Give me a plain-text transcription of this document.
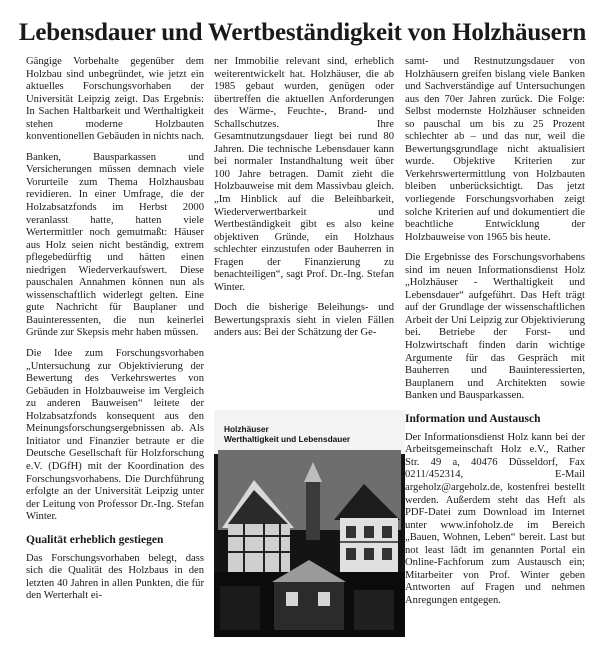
Lebensdauer und Wertbeständigkeit von Holzhäusern

Gängige Vorbehalte gegenüber dem Holzbau sind unbegründet, wie jetzt ein aktuelles Forschungsvorhaben der Universität Leipzig zeigt. Das Ergebnis: In Sachen Haltbarkeit und Werthaltigkeit stehen moderne Holzbauten konventionellen Gebäuden in nichts nach.

Banken, Bausparkassen und Versicherungen müssen demnach viele Vorurteile zum Thema Holzhausbau revidieren. In einer Umfrage, die der Holzabsatzfonds im Herbst 2000 veranlasst hatte, hatten viele Wertermittler noch gemutmaßt: Häuser aus Holz seien nicht beständig, extrem pflegebedürftig und hätten einen niedrigen Wiederverkaufswert. Diese pauschalen Annahmen können nun als wissenschaftlich widerlegt gelten. Eine gute Nachricht für Bauplaner und Bauinteressenten, die nun keinerlei Gründe zur Skepsis mehr haben müssen.

Die Idee zum Forschungsvorhaben „Untersuchung zur Objektivierung der Bewertung des Verkehrswertes von Gebäuden in Holzbauweise im Vergleich zu anderen Bauweisen“ leitete der Holzabsatzfonds konsequent aus den Meinungsforschungsergebnissen ab. Als Initiator und Finanzier betraute er die Deutsche Gesellschaft für Holzforschung e.V. (DGfH) mit der Koordination des Forschungsvorhabens. Die Durchführung erfolgte an der Universität Leipzig unter der Leitung von Professor Dr.-Ing. Stefan Winter.

Qualität erheblich gestiegen

Das Forschungsvorhaben belegt, dass sich die Qualität des Holzbaus in den letzten 40 Jahren in allen Punkten, die für den Werterhalt ei-

ner Immobilie relevant sind, erheblich weiterentwickelt hat. Holzhäuser, die ab 1985 gebaut wurden, genügen oder übertreffen die aktuellen Anforderungen des Wärme-, Feuchte-, Brand- und Schallschutzes. Ihre Gesamtnutzungsdauer liegt bei rund 80 Jahren. Die technische Lebensdauer kann bei normaler Instandhaltung weit über 100 Jahre betragen. Damit zieht die Holzbauweise mit dem Massivbau gleich. „Im Hinblick auf die Beleihbarkeit, Wiederverwertbarkeit und Wertbeständigkeit gibt es also keine objektiven Gründe, ein Holzhaus schlechter einzustufen oder Bauherren in Fragen der Finanzierung zu benachteiligen“, sagt Prof. Dr.-Ing. Stefan Winter.

Doch die bisherige Beleihungs- und Bewertungspraxis sieht in vielen Fällen anders aus: Bei der Schätzung der Ge-

Holzhäuser
Werthaltigkeit und Lebensdauer

samt- und Restnutzungsdauer von Holzhäusern greifen bislang viele Banken und Sachverständige auf Untersuchungen aus den 70er Jahren zurück. Die Folge: Selbst modernste Holzhäuser schneiden so pauschal um bis zu 25 Prozent schlechter ab – und das nur, weil die Bewertungsgrundlage nicht aktualisiert wurde. Objektive Kriterien zur Verkehrswertermittlung von Holzbauten bleiben unberücksichtigt. Das jetzt vorliegende Forschungsvorhaben zeigt solche Kriterien auf und dokumentiert die beachtliche Entwicklung der Holzbauweise von 1965 bis heute.

Die Ergebnisse des Forschungsvorhabens sind im neuen Informationsdienst Holz „Holzhäuser - Werthaltigkeit und Lebensdauer“ aufgeführt. Das Heft trägt auf der Grundlage der wissenschaftlichen Arbeit der Uni Leipzig zur Objektivierung bei. Betriebe der Forst- und Holzwirtschaft finden darin wichtige Argumente für das Gespräch mit Bauherren und Bauinteressierten, Bauplanern und Architekten sowie Banken und Bausparkassen.

Information und Austausch

Der Informationsdienst Holz kann bei der Arbeitsgemeinschaft Holz e.V., Rather Str. 49 a, 40476 Düsseldorf, Fax 0211/452314, E-Mail argeholz@argeholz.de, kostenfrei bestellt werden. Außerdem steht das Heft als PDF-Datei zum Download im Internet unter www.infoholz.de im Bereich „Bauen, Wohnen, Leben“ bereit. Last but not least lädt im genannten Portal ein Online-Fachforum zum Austausch ein; Mitarbeiter von Prof. Winter geben Antworten auf Fragen und nehmen Anregungen entgegen.
